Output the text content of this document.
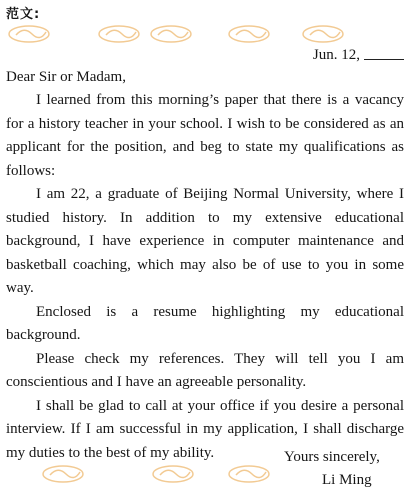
范文:
Jun. 12,
Dear Sir or Madam,

I learned from this morning’s paper that there is a vacancy for a history teacher in your school. I wish to be considered as an applicant for the position, and beg to state my qualifications as follows:

I am 22, a graduate of Beijing Normal University, where I studied history. In addition to my extensive educational background, I have experience in computer maintenance and basketball coaching, which may also be of use to you in some way.

Enclosed is a resume highlighting my educational background.

Please check my references. They will tell you I am conscientious and I have an agreeable personality.

I shall be glad to call at your office if you desire a personal interview. If I am successful in my application, I shall discharge my duties to the best of my ability.	Yours sincerely,
Li Ming
